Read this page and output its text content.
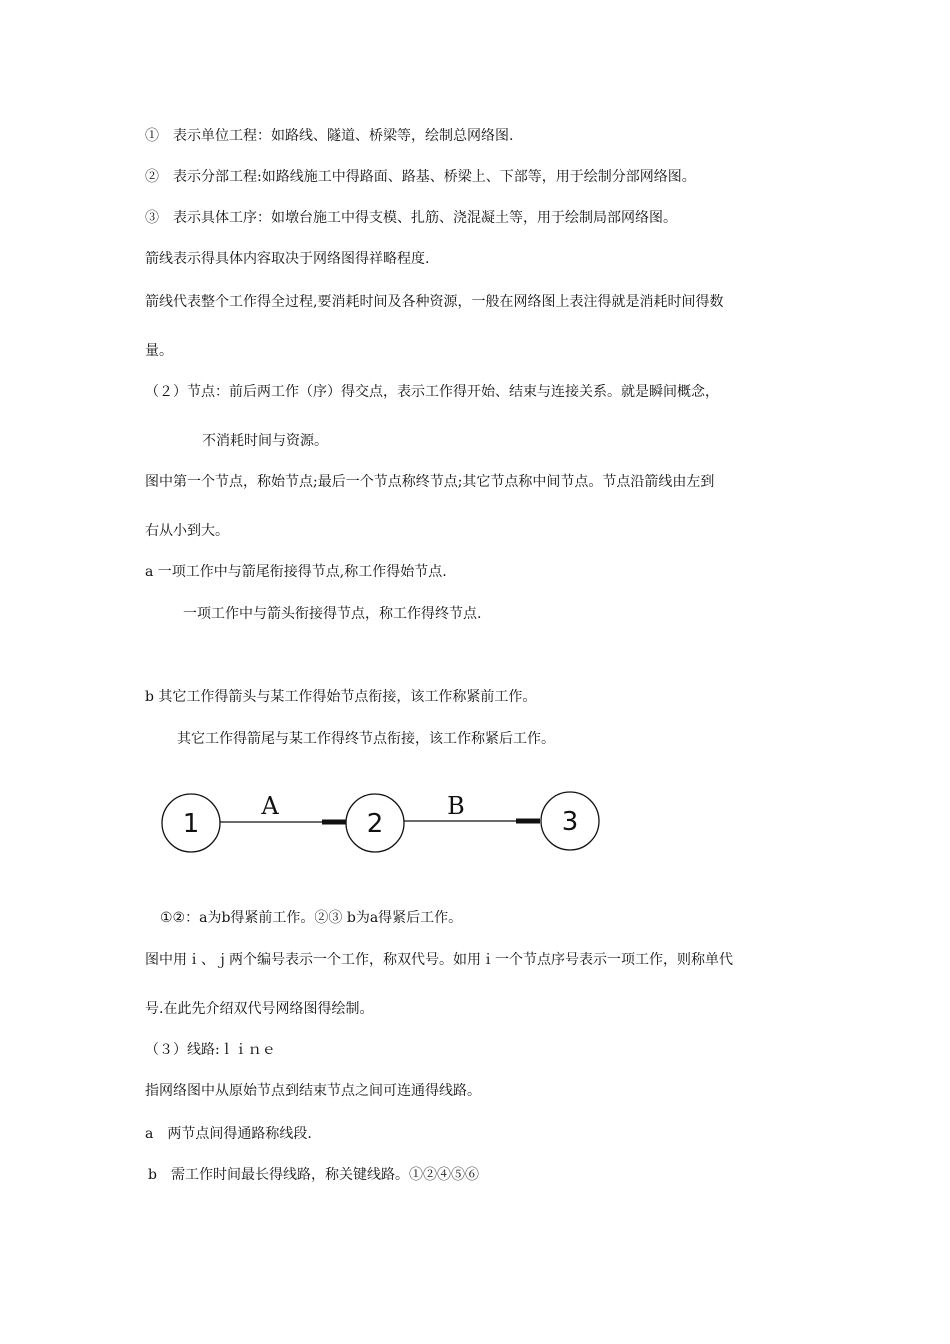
①　表示单位工程：如路线、隧道、桥梁等，绘制总网络图.
②　表示分部工程:如路线施工中得路面、路基、桥梁上、下部等，用于绘制分部网络图。
③　表示具体工序：如墩台施工中得支模、扎筋、浇混凝土等，用于绘制局部网络图。
箭线表示得具体内容取决于网络图得祥略程度.
箭线代表整个工作得全过程,要消耗时间及各种资源，一般在网络图上表注得就是消耗时间得数
量。
（２）节点：前后两工作（序）得交点，表示工作得开始、结束与连接关系。就是瞬间概念，
不消耗时间与资源。
图中第一个节点，称始节点;最后一个节点称终节点;其它节点称中间节点。节点沿箭线由左到
右从小到大。
a 一项工作中与箭尾衔接得节点,称工作得始节点.
一项工作中与箭头衔接得节点，称工作得终节点.
b 其它工作得箭头与某工作得始节点衔接，该工作称紧前工作。
其它工作得箭尾与某工作得终节点衔接，该工作称紧后工作。
1	2	3
A	B
①②：a为b得紧前工作。②③ b为a得紧后工作。
图中用ｉ、ｊ两个编号表示一个工作，称双代号。如用ｉ一个节点序号表示一项工作，则称单代
号.在此先介绍双代号网络图得绘制。
（３）线路:ｌｉｎｅ
指网络图中从原始节点到结束节点之间可连通得线路。
a　两节点间得通路称线段.
b　需工作时间最长得线路，称关键线路。①②④⑤⑥
